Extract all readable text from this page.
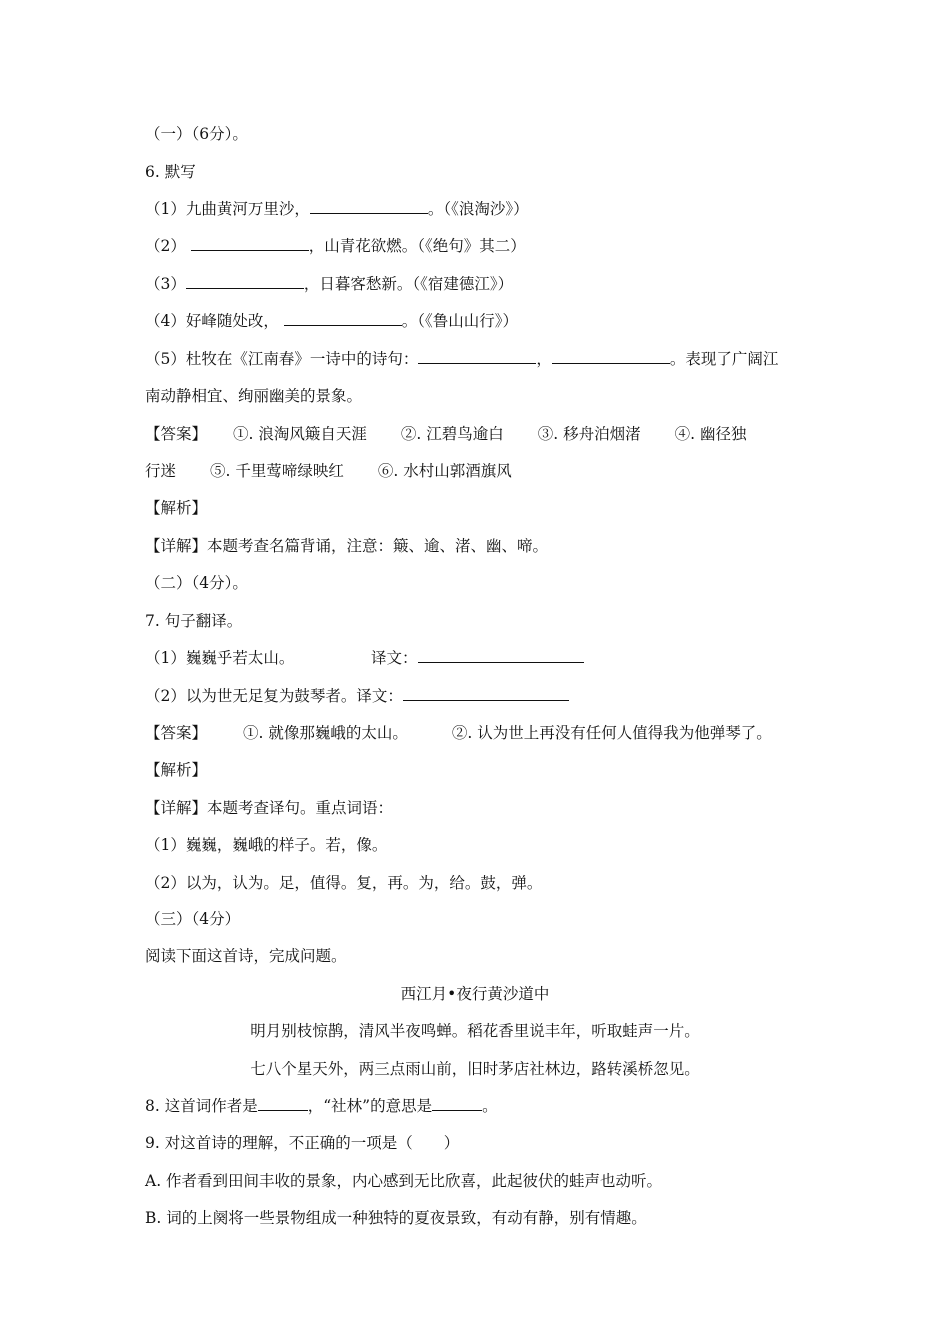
（一）（6分）。
6. 默写
（1）九曲黄河万里沙，	。（《浪淘沙》）
（2）	，山青花欲燃。（《绝句》其二）
（3）	，日暮客愁新。（《宿建德江》）
（4）好峰随处改，	。（《鲁山山行》）
（5）杜牧在《江南春》一诗中的诗句：	，	。表现了广阔江
南动静相宜、绚丽幽美的景象。
【答案】 ①. 浪淘风簸自天涯 ②. 江碧鸟逾白 ③. 移舟泊烟渚 ④. 幽径独
行迷 ⑤. 千里莺啼绿映红 ⑥. 水村山郭酒旗风
【解析】
【详解】本题考查名篇背诵，注意：簸、逾、渚、幽、啼。
（二）（4分）。
7. 句子翻译。
（1）巍巍乎若太山。	译文：
（2）以为世无足复为鼓琴者。译文：
【答案】 ①. 就像那巍峨的太山。	②. 认为世上再没有任何人值得我为他弹琴了。
【解析】
【详解】本题考查译句。重点词语：
（1）巍巍，巍峨的样子。若，像。
（2）以为，认为。足，值得。复，再。为，给。鼓，弹。
（三）（4分）
阅读下面这首诗，完成问题。
西江月•夜行黄沙道中
明月别枝惊鹊，清风半夜鸣蝉。稻花香里说丰年，听取蛙声一片。
七八个星天外，两三点雨山前，旧时茅店社林边，路转溪桥忽见。
8. 这首词作者是	，“社林”的意思是	。
9. 对这首诗的理解，不正确的一项是（　　）
A. 作者看到田间丰收的景象，内心感到无比欣喜，此起彼伏的蛙声也动听。
B. 词的上阕将一些景物组成一种独特的夏夜景致，有动有静，别有情趣。
